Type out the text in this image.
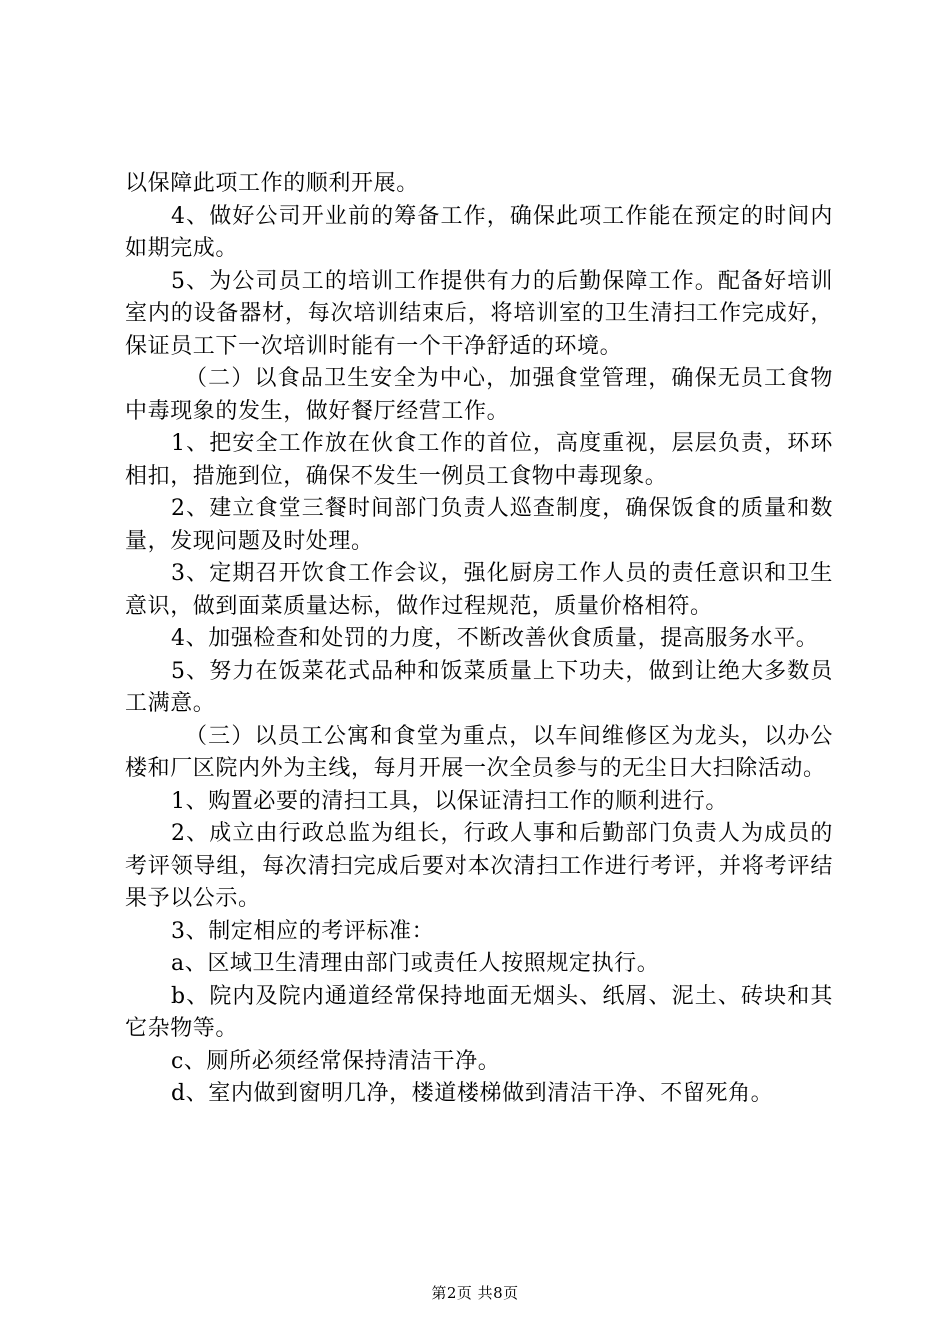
以保障此项工作的顺利开展。

4、做好公司开业前的筹备工作，确保此项工作能在预定的时间内如期完成。

5、为公司员工的培训工作提供有力的后勤保障工作。配备好培训室内的设备器材，每次培训结束后，将培训室的卫生清扫工作完成好，保证员工下一次培训时能有一个干净舒适的环境。

（二）以食品卫生安全为中心，加强食堂管理，确保无员工食物中毒现象的发生，做好餐厅经营工作。

1、把安全工作放在伙食工作的首位，高度重视，层层负责，环环相扣，措施到位，确保不发生一例员工食物中毒现象。

2、建立食堂三餐时间部门负责人巡查制度，确保饭食的质量和数量，发现问题及时处理。

3、定期召开饮食工作会议，强化厨房工作人员的责任意识和卫生意识，做到面菜质量达标，做作过程规范，质量价格相符。

4、加强检查和处罚的力度，不断改善伙食质量，提高服务水平。

5、努力在饭菜花式品种和饭菜质量上下功夫，做到让绝大多数员工满意。

（三）以员工公寓和食堂为重点，以车间维修区为龙头，以办公楼和厂区院内外为主线，每月开展一次全员参与的无尘日大扫除活动。

1、购置必要的清扫工具，以保证清扫工作的顺利进行。

2、成立由行政总监为组长，行政人事和后勤部门负责人为成员的考评领导组，每次清扫完成后要对本次清扫工作进行考评，并将考评结果予以公示。

3、制定相应的考评标准：

a、区域卫生清理由部门或责任人按照规定执行。

b、院内及院内通道经常保持地面无烟头、纸屑、泥土、砖块和其它杂物等。

c、厕所必须经常保持清洁干净。

d、室内做到窗明几净，楼道楼梯做到清洁干净、不留死角。

第2页 共8页
